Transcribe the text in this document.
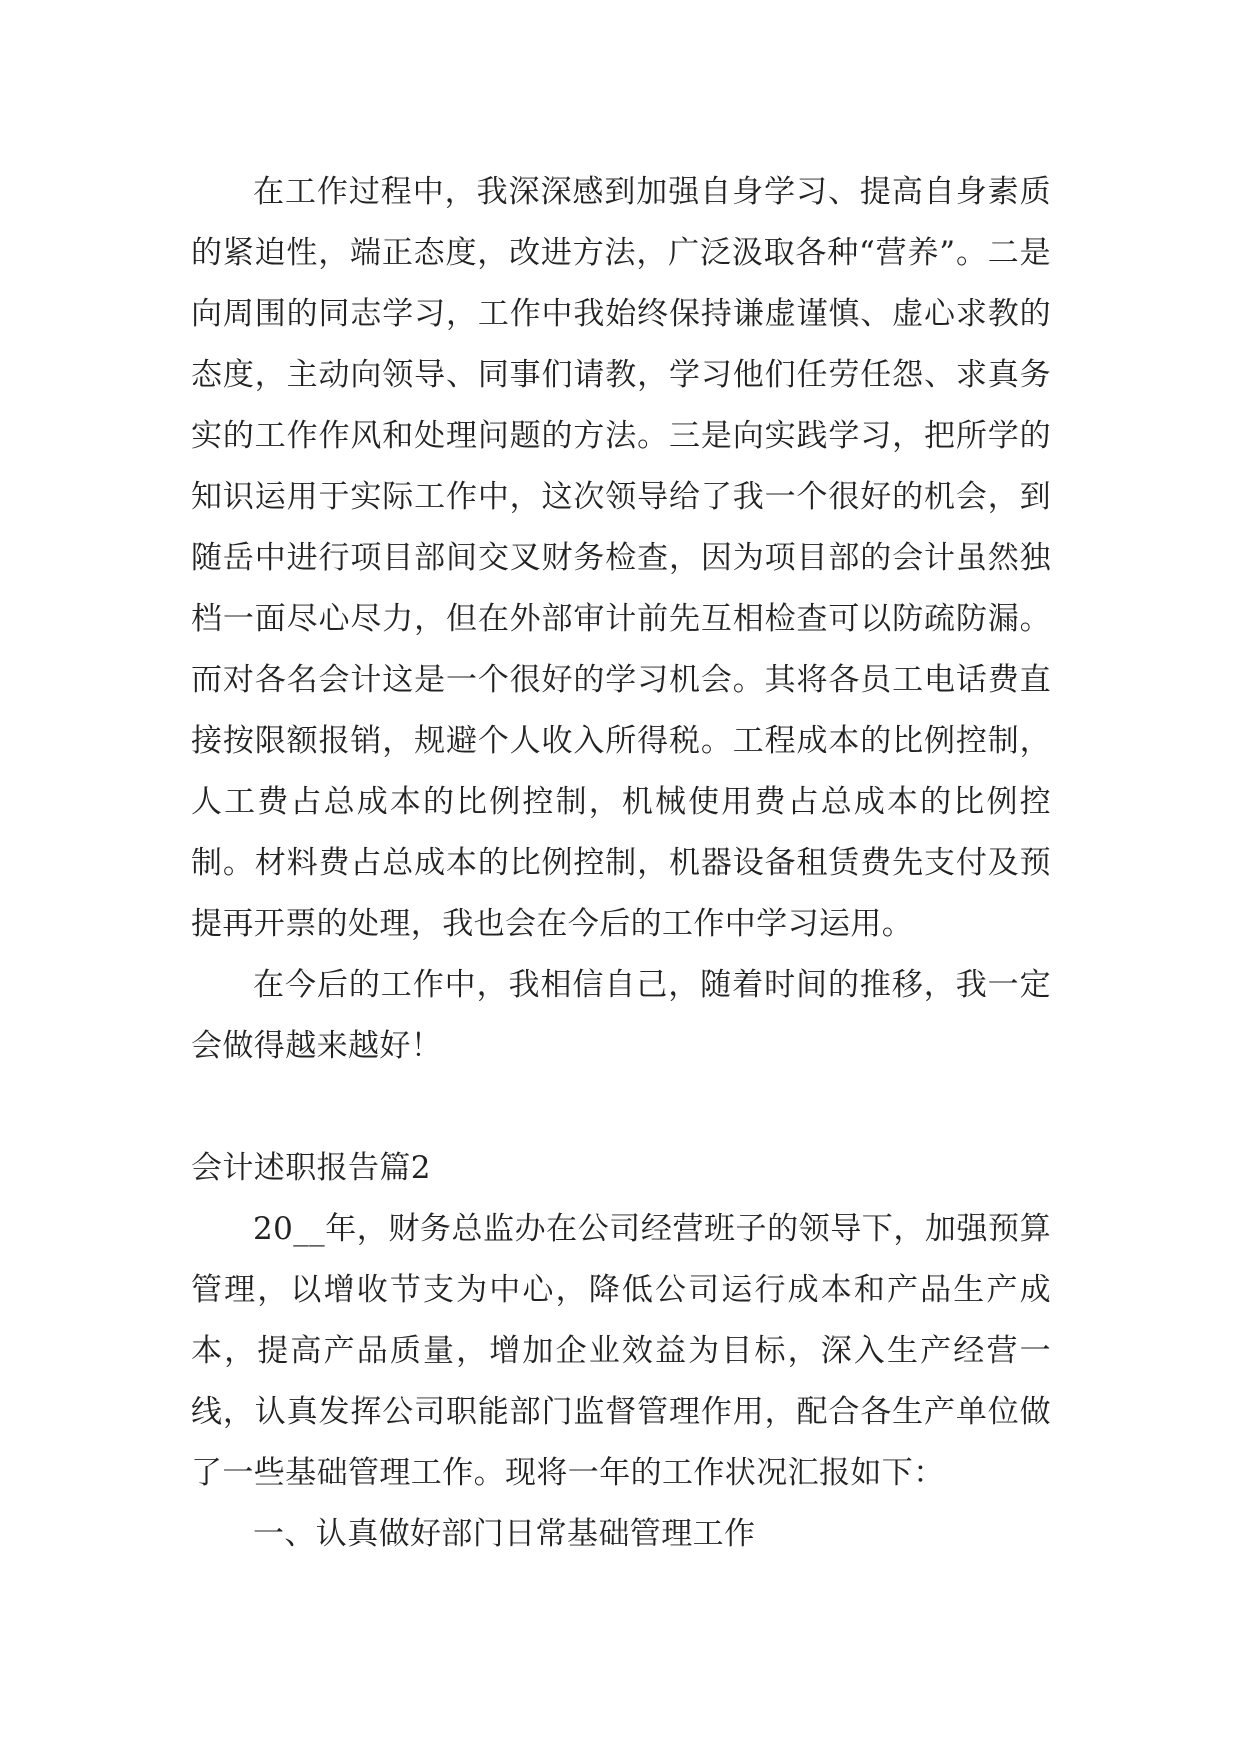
在工作过程中，我深深感到加强自身学习、提高自身素质的紧迫性，端正态度，改进方法，广泛汲取各种“营养”。二是向周围的同志学习，工作中我始终保持谦虚谨慎、虚心求教的态度，主动向领导、同事们请教，学习他们任劳任怨、求真务实的工作作风和处理问题的方法。三是向实践学习，把所学的知识运用于实际工作中，这次领导给了我一个很好的机会，到随岳中进行项目部间交叉财务检查，因为项目部的会计虽然独档一面尽心尽力，但在外部审计前先互相检查可以防疏防漏。而对各名会计这是一个很好的学习机会。其将各员工电话费直接按限额报销，规避个人收入所得税。工程成本的比例控制，人工费占总成本的比例控制，机械使用费占总成本的比例控制。材料费占总成本的比例控制，机器设备租赁费先支付及预提再开票的处理，我也会在今后的工作中学习运用。

在今后的工作中，我相信自己，随着时间的推移，我一定会做得越来越好！

会计述职报告篇2

20__年，财务总监办在公司经营班子的领导下，加强预算管理，以增收节支为中心，降低公司运行成本和产品生产成本，提高产品质量，增加企业效益为目标，深入生产经营一线，认真发挥公司职能部门监督管理作用，配合各生产单位做了一些基础管理工作。现将一年的工作状况汇报如下：

一、认真做好部门日常基础管理工作
